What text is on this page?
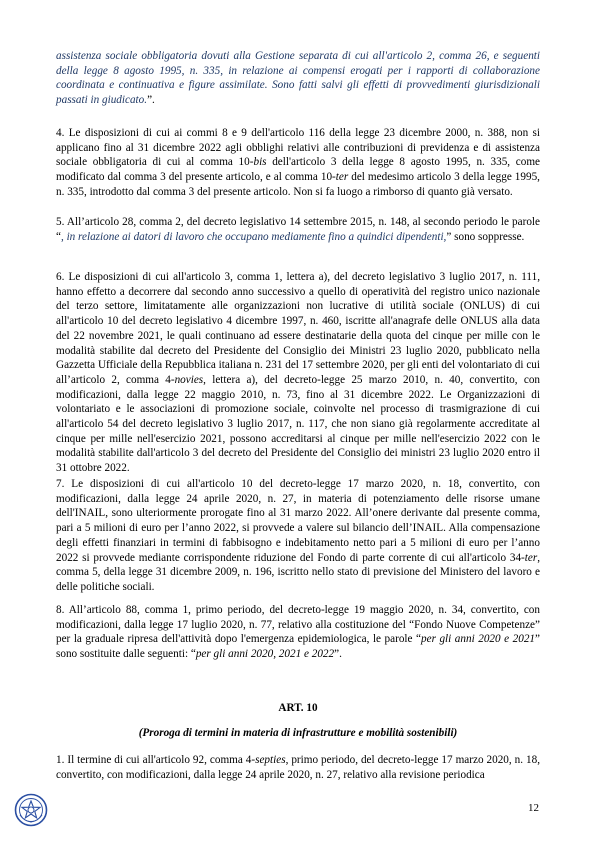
assistenza sociale obbligatoria dovuti alla Gestione separata di cui all'articolo 2, comma 26, e seguenti della legge 8 agosto 1995, n. 335, in relazione ai compensi erogati per i rapporti di collaborazione coordinata e continuativa e figure assimilate. Sono fatti salvi gli effetti di provvedimenti giurisdizionali passati in giudicato.”.

4. Le disposizioni di cui ai commi 8 e 9 dell'articolo 116 della legge 23 dicembre 2000, n. 388, non si applicano fino al 31 dicembre 2022 agli obblighi relativi alle contribuzioni di previdenza e di assistenza sociale obbligatoria di cui al comma 10-bis dell'articolo 3 della legge 8 agosto 1995, n. 335, come modificato dal comma 3 del presente articolo, e al comma 10-ter del medesimo articolo 3 della legge 1995, n. 335, introdotto dal comma 3 del presente articolo. Non si fa luogo a rimborso di quanto già versato.

5. All’articolo 28, comma 2, del decreto legislativo 14 settembre 2015, n. 148, al secondo periodo le parole “, in relazione ai datori di lavoro che occupano mediamente fino a quindici dipendenti,” sono soppresse.

6. Le disposizioni di cui all'articolo 3, comma 1, lettera a), del decreto legislativo 3 luglio 2017, n. 111, hanno effetto a decorrere dal secondo anno successivo a quello di operatività del registro unico nazionale del terzo settore, limitatamente alle organizzazioni non lucrative di utilità sociale (ONLUS) di cui all'articolo 10 del decreto legislativo 4 dicembre 1997, n. 460, iscritte all'anagrafe delle ONLUS alla data del 22 novembre 2021, le quali continuano ad essere destinatarie della quota del cinque per mille con le modalità stabilite dal decreto del Presidente del Consiglio dei Ministri 23 luglio 2020, pubblicato nella Gazzetta Ufficiale della Repubblica italiana n. 231 del 17 settembre 2020, per gli enti del volontariato di cui all’articolo 2, comma 4-novies, lettera a), del decreto-legge 25 marzo 2010, n. 40, convertito, con modificazioni, dalla legge 22 maggio 2010, n. 73, fino al 31 dicembre 2022. Le Organizzazioni di volontariato e le associazioni di promozione sociale, coinvolte nel processo di trasmigrazione di cui all'articolo 54 del decreto legislativo 3 luglio 2017, n. 117, che non siano già regolarmente accreditate al cinque per mille nell'esercizio 2021, possono accreditarsi al cinque per mille nell'esercizio 2022 con le modalità stabilite dall'articolo 3 del decreto del Presidente del Consiglio dei ministri 23 luglio 2020 entro il 31 ottobre 2022.

7. Le disposizioni di cui all'articolo 10 del decreto-legge 17 marzo 2020, n. 18, convertito, con modificazioni, dalla legge 24 aprile 2020, n. 27, in materia di potenziamento delle risorse umane dell'INAIL, sono ulteriormente prorogate fino al 31 marzo 2022. All’onere derivante dal presente comma, pari a 5 milioni di euro per l’anno 2022, si provvede a valere sul bilancio dell’INAIL. Alla compensazione degli effetti finanziari in termini di fabbisogno e indebitamento netto pari a 5 milioni di euro per l’anno 2022 si provvede mediante corrispondente riduzione del Fondo di parte corrente di cui all'articolo 34-ter, comma 5, della legge 31 dicembre 2009, n. 196, iscritto nello stato di previsione del Ministero del lavoro e delle politiche sociali.

8. All’articolo 88, comma 1, primo periodo, del decreto-legge 19 maggio 2020, n. 34, convertito, con modificazioni, dalla legge 17 luglio 2020, n. 77, relativo alla costituzione del “Fondo Nuove Competenze” per la graduale ripresa dell'attività dopo l'emergenza epidemiologica, le parole “per gli anni 2020 e 2021” sono sostituite dalle seguenti: “per gli anni 2020, 2021 e 2022”.

ART. 10

(Proroga di termini in materia di infrastrutture e mobilità sostenibili)

1. Il termine di cui all'articolo 92, comma 4-septies, primo periodo, del decreto-legge 17 marzo 2020, n. 18, convertito, con modificazioni, dalla legge 24 aprile 2020, n. 27, relativo alla revisione periodica

12
